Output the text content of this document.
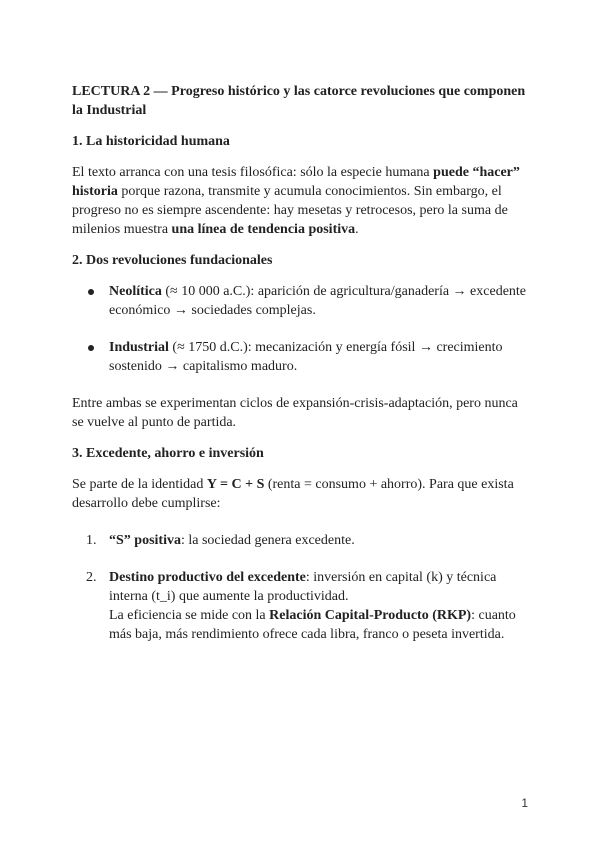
LECTURA 2 — Progreso histórico y las catorce revoluciones que componen la Industrial
1. La historicidad humana

El texto arranca con una tesis filosófica: sólo la especie humana puede “hacer” historia porque razona, transmite y acumula conocimientos. Sin embargo, el progreso no es siempre ascendente: hay mesetas y retrocesos, pero la suma de milenios muestra una línea de tendencia positiva.

2. Dos revoluciones fundacionales
Neolítica (≈ 10 000 a.C.): aparición de agricultura/ganadería → excedente económico → sociedades complejas.
Industrial (≈ 1750 d.C.): mecanización y energía fósil → crecimiento sostenido → capitalismo maduro.

Entre ambas se experimentan ciclos de expansión-crisis-adaptación, pero nunca se vuelve al punto de partida.

3. Excedente, ahorro e inversión

Se parte de la identidad Y = C + S (renta = consumo + ahorro). Para que exista desarrollo debe cumplirse:

1. “S” positiva: la sociedad genera excedente.
2. Destino productivo del excedente: inversión en capital (k) y técnica interna (t_i) que aumente la productividad.
La eficiencia se mide con la Relación Capital-Producto (RKP): cuanto más baja, más rendimiento ofrece cada libra, franco o peseta invertida.
1
